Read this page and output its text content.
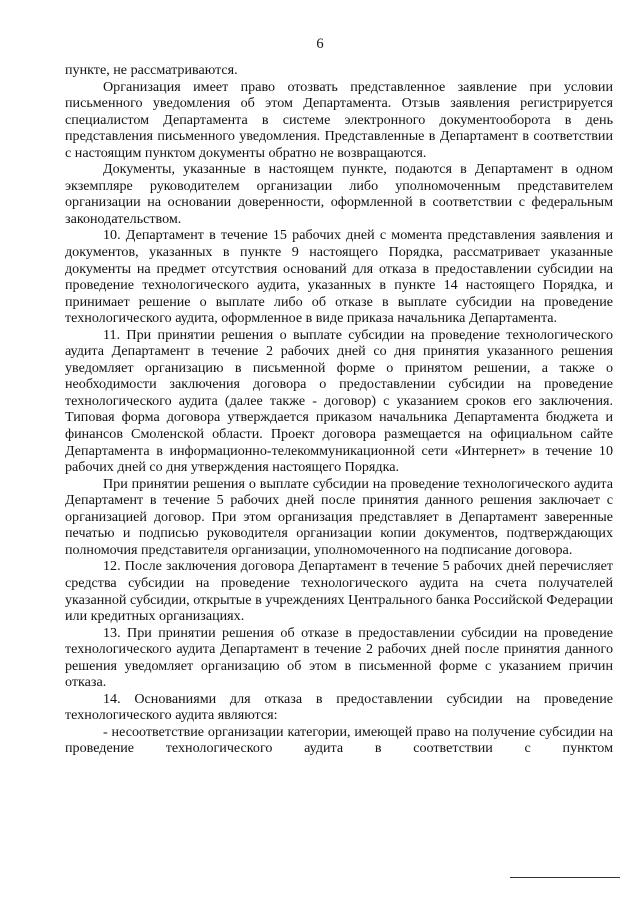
6

пункте, не рассматриваются.

Организация имеет право отозвать представленное заявление при условии письменного уведомления об этом Департамента. Отзыв заявления регистрируется специалистом Департамента в системе электронного документооборота в день представления письменного уведомления. Представленные в Департамент в соответствии с настоящим пунктом документы обратно не возвращаются.

Документы, указанные в настоящем пункте, подаются в Департамент в одном экземпляре руководителем организации либо уполномоченным представителем организации на основании доверенности, оформленной в соответствии с федеральным законодательством.

10. Департамент в течение 15 рабочих дней с момента представления заявления и документов, указанных в пункте 9 настоящего Порядка, рассматривает указанные документы на предмет отсутствия оснований для отказа в предоставлении субсидии на проведение технологического аудита, указанных в пункте 14 настоящего Порядка, и принимает решение о выплате либо об отказе в выплате субсидии на проведение технологического аудита, оформленное в виде приказа начальника Департамента.

11. При принятии решения о выплате субсидии на проведение технологического аудита Департамент в течение 2 рабочих дней со дня принятия указанного решения уведомляет организацию в письменной форме о принятом решении, а также о необходимости заключения договора о предоставлении субсидии на проведение технологического аудита (далее также - договор) с указанием сроков его заключения. Типовая форма договора утверждается приказом начальника Департамента бюджета и финансов Смоленской области. Проект договора размещается на официальном сайте Департамента в информационно-телекоммуникационной сети «Интернет» в течение 10 рабочих дней со дня утверждения настоящего Порядка.

При принятии решения о выплате субсидии на проведение технологического аудита Департамент в течение 5 рабочих дней после принятия данного решения заключает с организацией договор. При этом организация представляет в Департамент заверенные печатью и подписью руководителя организации копии документов, подтверждающих полномочия представителя организации, уполномоченного на подписание договора.

12. После заключения договора Департамент в течение 5 рабочих дней перечисляет средства субсидии на проведение технологического аудита на счета получателей указанной субсидии, открытые в учреждениях Центрального банка Российской Федерации или кредитных организациях.

13. При принятии решения об отказе в предоставлении субсидии на проведение технологического аудита Департамент в течение 2 рабочих дней после принятия данного решения уведомляет организацию об этом в письменной форме с указанием причин отказа.

14. Основаниями для отказа в предоставлении субсидии на проведение технологического аудита являются:

- несоответствие организации категории, имеющей право на получение субсидии на проведение технологического аудита в соответствии с пунктом
